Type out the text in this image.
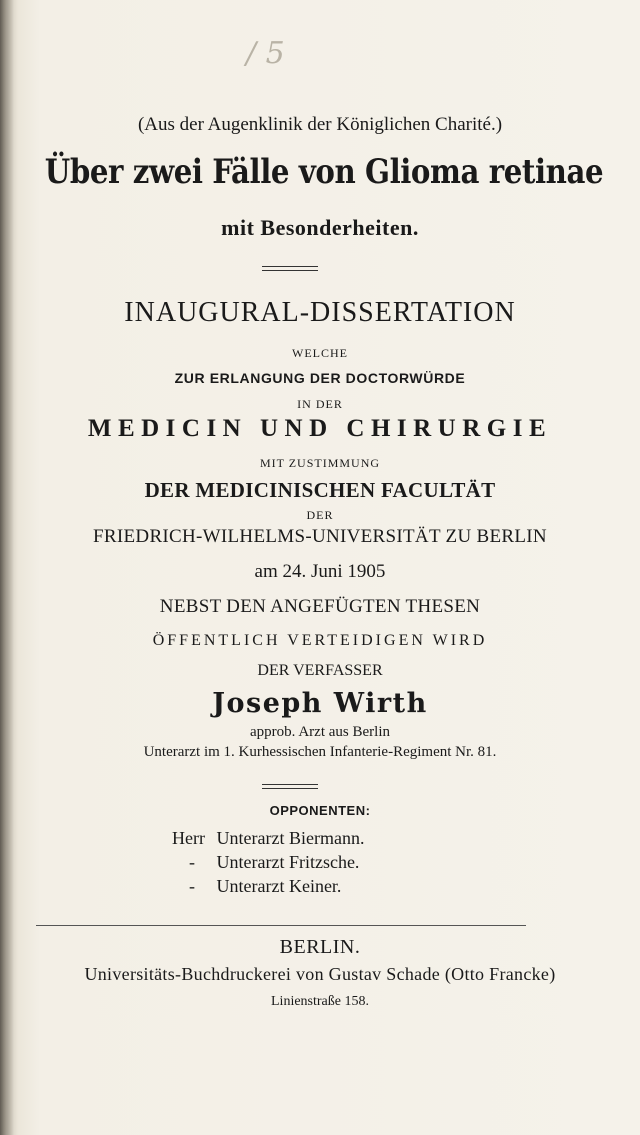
/ 5
(Aus der Augenklinik der Königlichen Charité.)
Über zwei Fälle von Glioma retinae
mit Besonderheiten.
INAUGURAL-DISSERTATION
WELCHE
ZUR ERLANGUNG DER DOCTORWÜRDE
IN DER
MEDICIN UND CHIRURGIE
MIT ZUSTIMMUNG
DER MEDICINISCHEN FACULTÄT
DER
FRIEDRICH-WILHELMS-UNIVERSITÄT ZU BERLIN
am 24. Juni 1905
NEBST DEN ANGEFÜGTEN THESEN
ÖFFENTLICH VERTEIDIGEN WIRD
DER VERFASSER
Joseph Wirth
approb. Arzt aus Berlin
Unterarzt im 1. Kurhessischen Infanterie-Regiment Nr. 81.
OPPONENTEN:
Herr Unterarzt Biermann.
- Unterarzt Fritzsche.
- Unterarzt Keiner.
BERLIN.
Universitäts-Buchdruckerei von Gustav Schade (Otto Francke)
Linienstraße 158.
